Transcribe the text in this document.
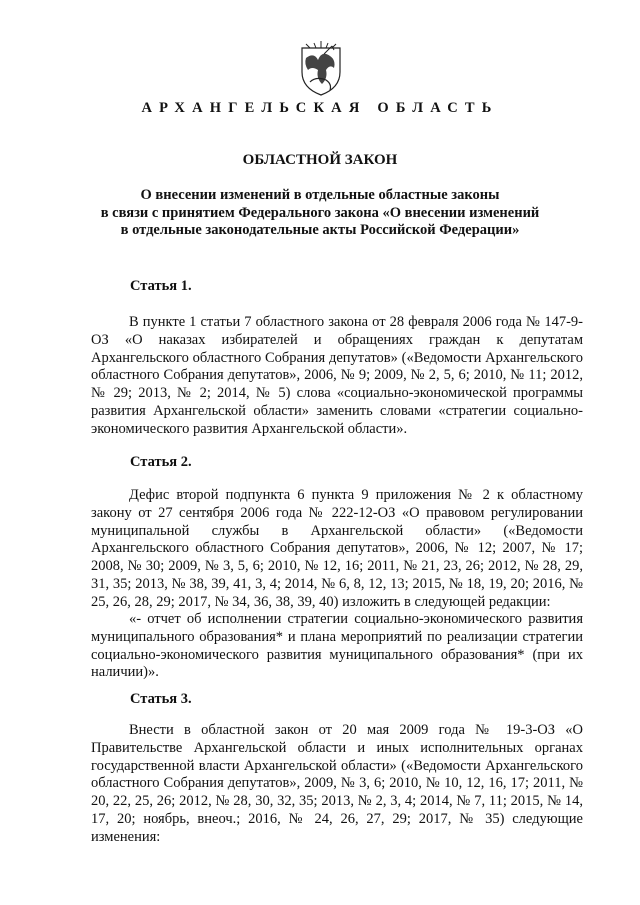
АРХАНГЕЛЬСКАЯ ОБЛАСТЬ
ОБЛАСТНОЙ ЗАКОН
О внесении изменений в отдельные областные законы
в связи с принятием Федерального закона «О внесении изменений
в отдельные законодательные акты Российской Федерации»
Статья 1.
В пункте 1 статьи 7 областного закона от 28 февраля 2006 года № 147-9-ОЗ «О наказах избирателей и обращениях граждан к депутатам Архангельского областного Собрания депутатов» («Ведомости Архангельского областного Собрания депутатов», 2006, № 9; 2009, № 2, 5, 6; 2010, № 11; 2012, № 29; 2013, № 2; 2014, № 5) слова «социально-экономической программы развития Архангельской области» заменить словами «стратегии социально-экономического развития Архангельской области».
Статья 2.
Дефис второй подпункта 6 пункта 9 приложения № 2 к областному закону от 27 сентября 2006 года № 222-12-ОЗ «О правовом регулировании муниципальной службы в Архангельской области» («Ведомости Архангельского областного Собрания депутатов», 2006, № 12; 2007, № 17; 2008, № 30; 2009, № 3, 5, 6; 2010, № 12, 16; 2011, № 21, 23, 26; 2012, № 28, 29, 31, 35; 2013, № 38, 39, 41, 3, 4; 2014, № 6, 8, 12, 13; 2015, № 18, 19, 20; 2016, № 25, 26, 28, 29; 2017, № 34, 36, 38, 39, 40) изложить в следующей редакции:
«- отчет об исполнении стратегии социально-экономического развития муниципального образования* и плана мероприятий по реализации стратегии социально-экономического развития муниципального образования* (при их наличии)».
Статья 3.
Внести в областной закон от 20 мая 2009 года № 19-3-ОЗ «О Правительстве Архангельской области и иных исполнительных органах государственной власти Архангельской области» («Ведомости Архангельского областного Собрания депутатов», 2009, № 3, 6; 2010, № 10, 12, 16, 17; 2011, № 20, 22, 25, 26; 2012, № 28, 30, 32, 35; 2013, № 2, 3, 4; 2014, № 7, 11; 2015, № 14, 17, 20; ноябрь, внеоч.; 2016, № 24, 26, 27, 29; 2017, № 35) следующие изменения:
